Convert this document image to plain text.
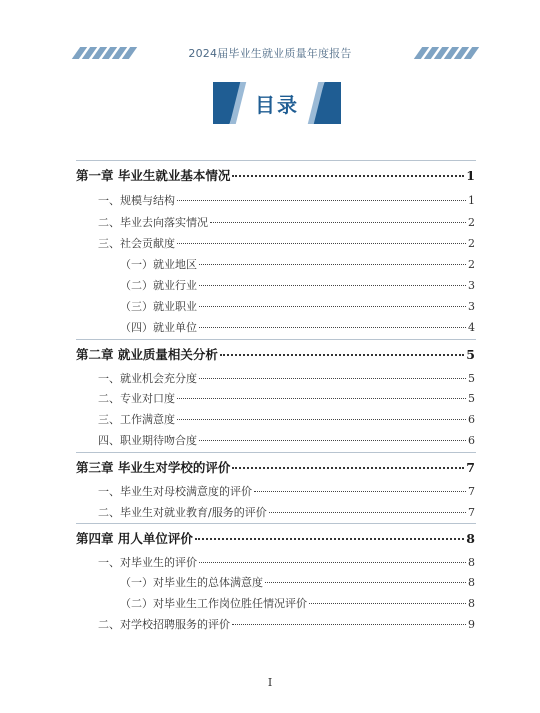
2024届毕业生就业质量年度报告
目录
第一章 毕业生就业基本情况	1
一、规模与结构	1
二、毕业去向落实情况	2
三、社会贡献度	2
（一）就业地区	2
（二）就业行业	3
（三）就业职业	3
（四）就业单位	4
第二章 就业质量相关分析	5
一、就业机会充分度	5
二、专业对口度	5
三、工作满意度	6
四、职业期待吻合度	6
第三章 毕业生对学校的评价	7
一、毕业生对母校满意度的评价	7
二、毕业生对就业教育/服务的评价	7
第四章 用人单位评价	8
一、对毕业生的评价	8
（一）对毕业生的总体满意度	8
（二）对毕业生工作岗位胜任情况评价	8
二、对学校招聘服务的评价	9
I
